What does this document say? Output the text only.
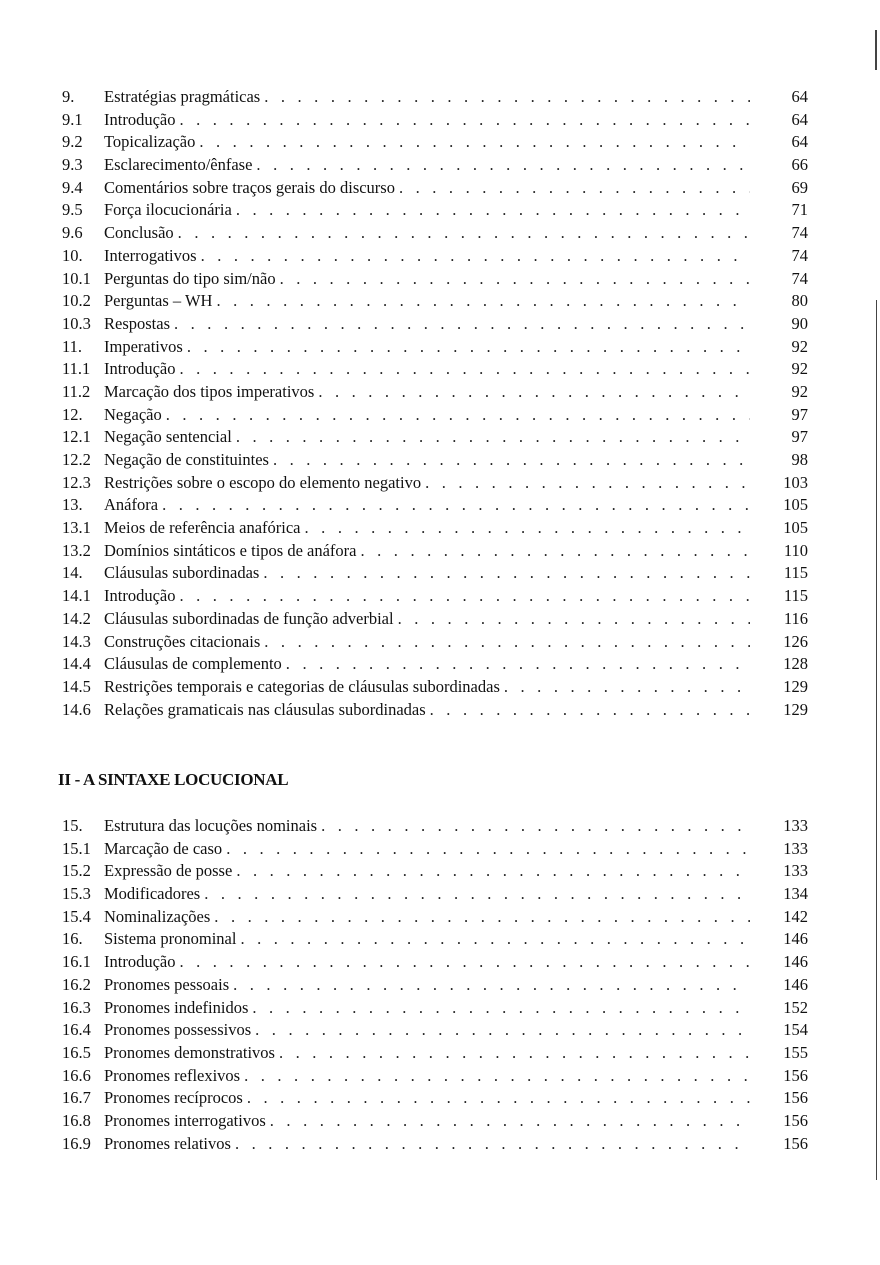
9.	Estratégias pragmáticas . . .	64
9.1	Introdução . . .	64
9.2	Topicalização . . .	64
9.3	Esclarecimento/ênfase . . .	66
9.4	Comentários sobre traços gerais do discurso . . .	69
9.5	Força ilocucionária . . .	71
9.6	Conclusão . . .	74
10.	Interrogativos . . .	74
10.1 Perguntas do tipo sim/não . . .	74
10.2 Perguntas – WH . . .	80
10.3 Respostas . . .	90
11.	Imperativos . . .	92
11.1 Introdução . . .	92
11.2 Marcação dos tipos imperativos . . .	92
12.	Negação . . .	97
12.1 Negação sentencial . . .	97
12.2 Negação de constituintes . . .	98
12.3 Restrições sobre o escopo do elemento negativo . . .	103
13.	Anáfora . . .	105
13.1 Meios de referência anafórica . . .	105
13.2 Domínios sintáticos e tipos de anáfora . . .	110
14.	Cláusulas subordinadas . . .	115
14.1 Introdução . . .	115
14.2 Cláusulas subordinadas de função adverbial . . .	116
14.3 Construções citacionais . . .	126
14.4 Cláusulas de complemento . . .	128
14.5 Restrições temporais e categorias de cláusulas subordinadas . . .	129
14.6 Relações gramaticais nas cláusulas subordinadas . . .	129
II - A SINTAXE LOCUCIONAL
15.	Estrutura das locuções nominais . . .	133
15.1 Marcação de caso . . .	133
15.2 Expressão de posse . . .	133
15.3 Modificadores . . .	134
15.4 Nominalizações . . .	142
16.	Sistema pronominal . . .	146
16.1 Introdução . . .	146
16.2 Pronomes pessoais . . .	146
16.3 Pronomes indefinidos . . .	152
16.4 Pronomes possessivos . . .	154
16.5 Pronomes demonstrativos . . .	155
16.6 Pronomes reflexivos . . .	156
16.7 Pronomes recíprocos . . .	156
16.8 Pronomes interrogativos . . .	156
16.9 Pronomes relativos . . .	156
